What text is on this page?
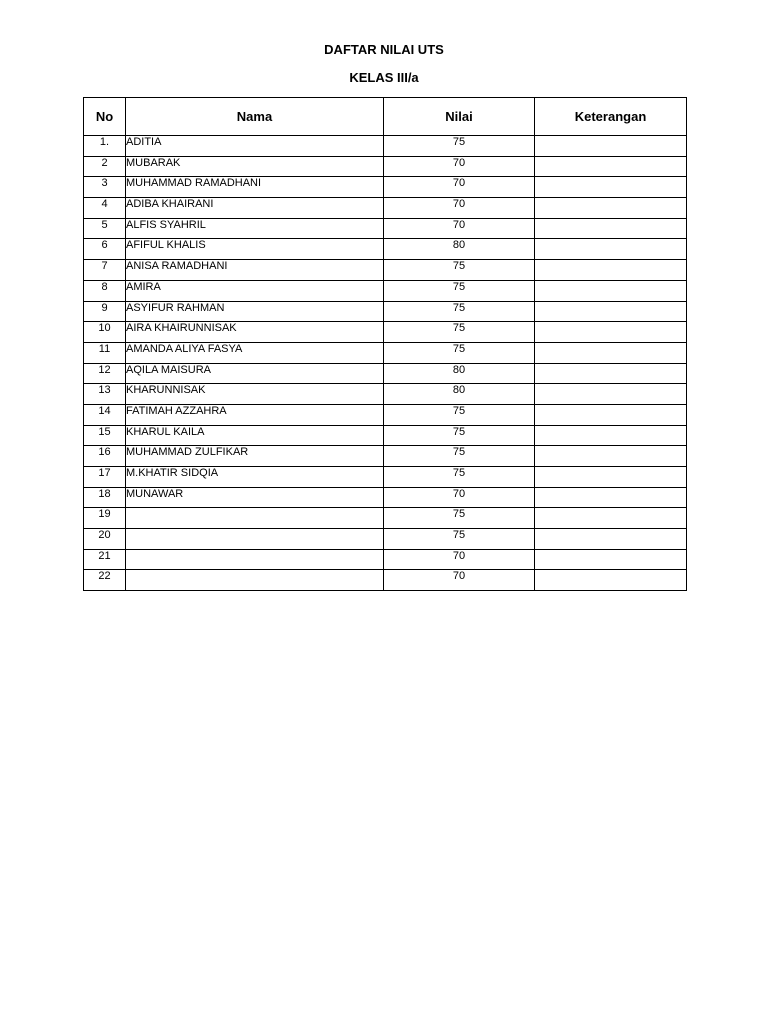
DAFTAR NILAI UTS
KELAS III/a
No	Nama	Nilai	Keterangan
1.	ADITIA	75	
2	MUBARAK	70	
3	MUHAMMAD RAMADHANI	70	
4	ADIBA KHAIRANI	70	
5	ALFIS SYAHRIL	70	
6	AFIFUL KHALIS	80	
7	ANISA RAMADHANI	75	
8	AMIRA	75	
9	ASYIFUR RAHMAN	75	
10	AIRA KHAIRUNNISAK	75	
11	AMANDA ALIYA FASYA	75	
12	AQILA MAISURA	80	
13	KHARUNNISAK	80	
14	FATIMAH AZZAHRA	75	
15	KHARUL KAILA	75	
16	MUHAMMAD ZULFIKAR	75	
17	M.KHATIR SIDQIA	75	
18	MUNAWAR	70	
19		75	
20		75	
21		70	
22		70	
